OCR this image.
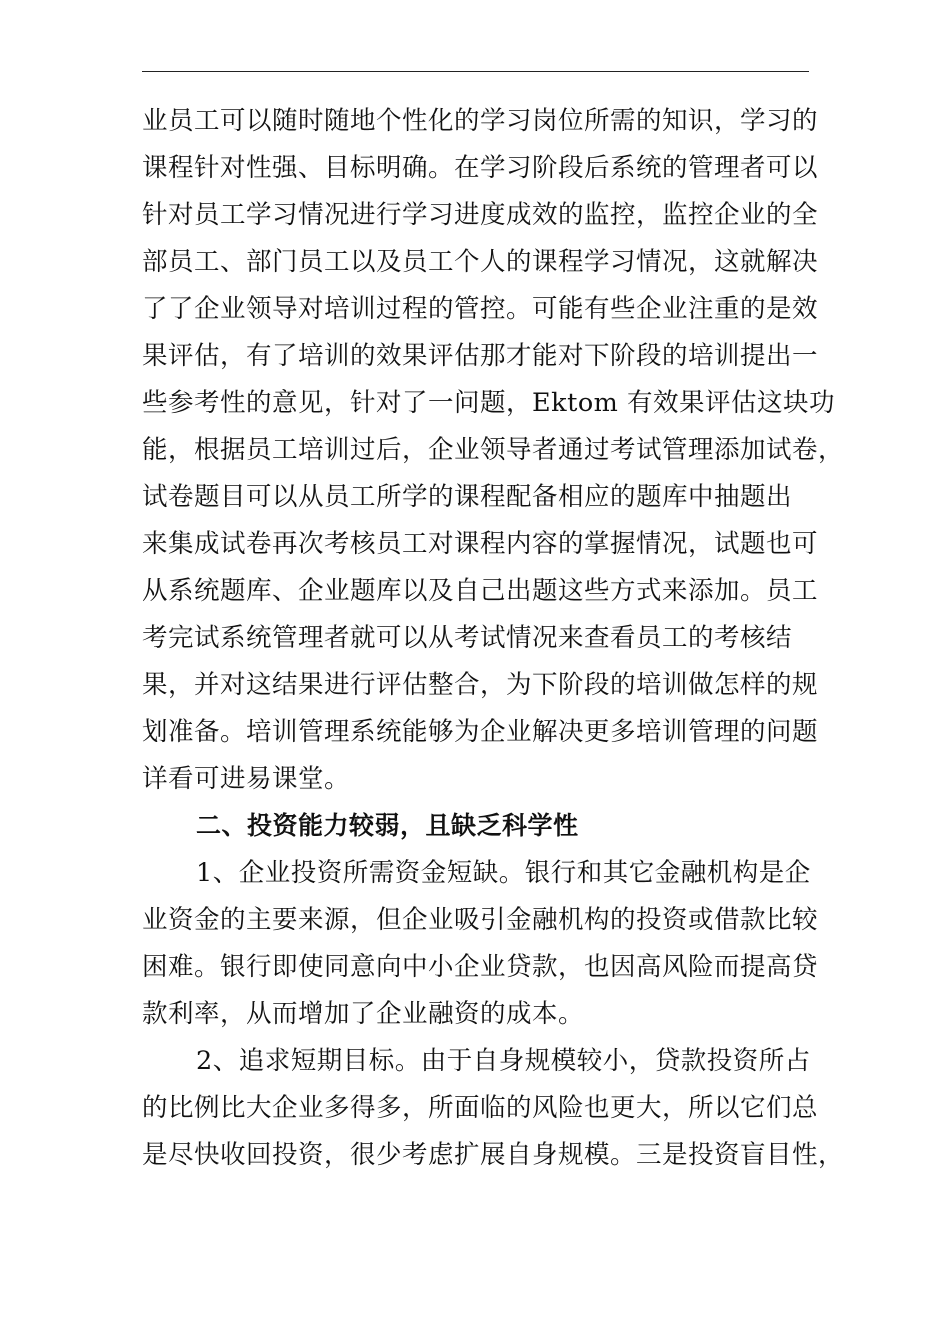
业员工可以随时随地个性化的学习岗位所需的知识，学习的
课程针对性强、目标明确。在学习阶段后系统的管理者可以
针对员工学习情况进行学习进度成效的监控，监控企业的全
部员工、部门员工以及员工个人的课程学习情况，这就解决
了了企业领导对培训过程的管控。可能有些企业注重的是效
果评估，有了培训的效果评估那才能对下阶段的培训提出一
些参考性的意见，针对了一问题，Ektom 有效果评估这块功
能，根据员工培训过后，企业领导者通过考试管理添加试卷，
试卷题目可以从员工所学的课程配备相应的题库中抽题出
来集成试卷再次考核员工对课程内容的掌握情况，试题也可
从系统题库、企业题库以及自己出题这些方式来添加。员工
考完试系统管理者就可以从考试情况来查看员工的考核结
果，并对这结果进行评估整合，为下阶段的培训做怎样的规
划准备。培训管理系统能够为企业解决更多培训管理的问题
详看可进易课堂。
二、投资能力较弱，且缺乏科学性
1、企业投资所需资金短缺。银行和其它金融机构是企
业资金的主要来源，但企业吸引金融机构的投资或借款比较
困难。银行即使同意向中小企业贷款，也因高风险而提高贷
款利率，从而增加了企业融资的成本。
2、追求短期目标。由于自身规模较小，贷款投资所占
的比例比大企业多得多，所面临的风险也更大，所以它们总
是尽快收回投资，很少考虑扩展自身规模。三是投资盲目性，
